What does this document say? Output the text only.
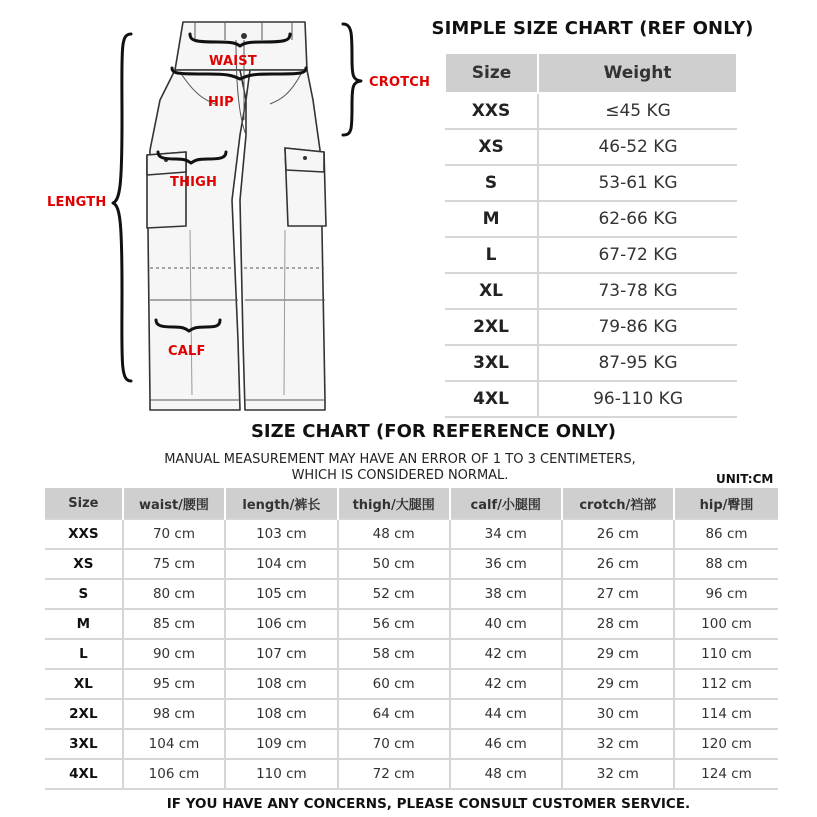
WAIST
HIP
CROTCH
THIGH
LENGTH
CALF
SIMPLE SIZE CHART (REF ONLY)
Size	Weight
XXS	≤45 KG
XS	46-52 KG
S	53-61 KG
M	62-66 KG
L	67-72 KG
XL	73-78 KG
2XL	79-86 KG
3XL	87-95 KG
4XL	96-110 KG
SIZE CHART (FOR REFERENCE ONLY)
MANUAL MEASUREMENT MAY HAVE AN ERROR OF 1 TO 3 CENTIMETERS,
WHICH IS CONSIDERED NORMAL.	UNIT:CM
Size	waist/腰围	length/裤长	thigh/大腿围	calf/小腿围	crotch/裆部	hip/臀围
XXS	70 cm	103 cm	48 cm	34 cm	26 cm	86 cm
XS	75 cm	104 cm	50 cm	36 cm	26 cm	88 cm
S	80 cm	105 cm	52 cm	38 cm	27 cm	96 cm
M	85 cm	106 cm	56 cm	40 cm	28 cm	100 cm
L	90 cm	107 cm	58 cm	42 cm	29 cm	110 cm
XL	95 cm	108 cm	60 cm	42 cm	29 cm	112 cm
2XL	98 cm	108 cm	64 cm	44 cm	30 cm	114 cm
3XL	104 cm	109 cm	70 cm	46 cm	32 cm	120 cm
4XL	106 cm	110 cm	72 cm	48 cm	32 cm	124 cm
IF YOU HAVE ANY CONCERNS, PLEASE CONSULT CUSTOMER SERVICE.
